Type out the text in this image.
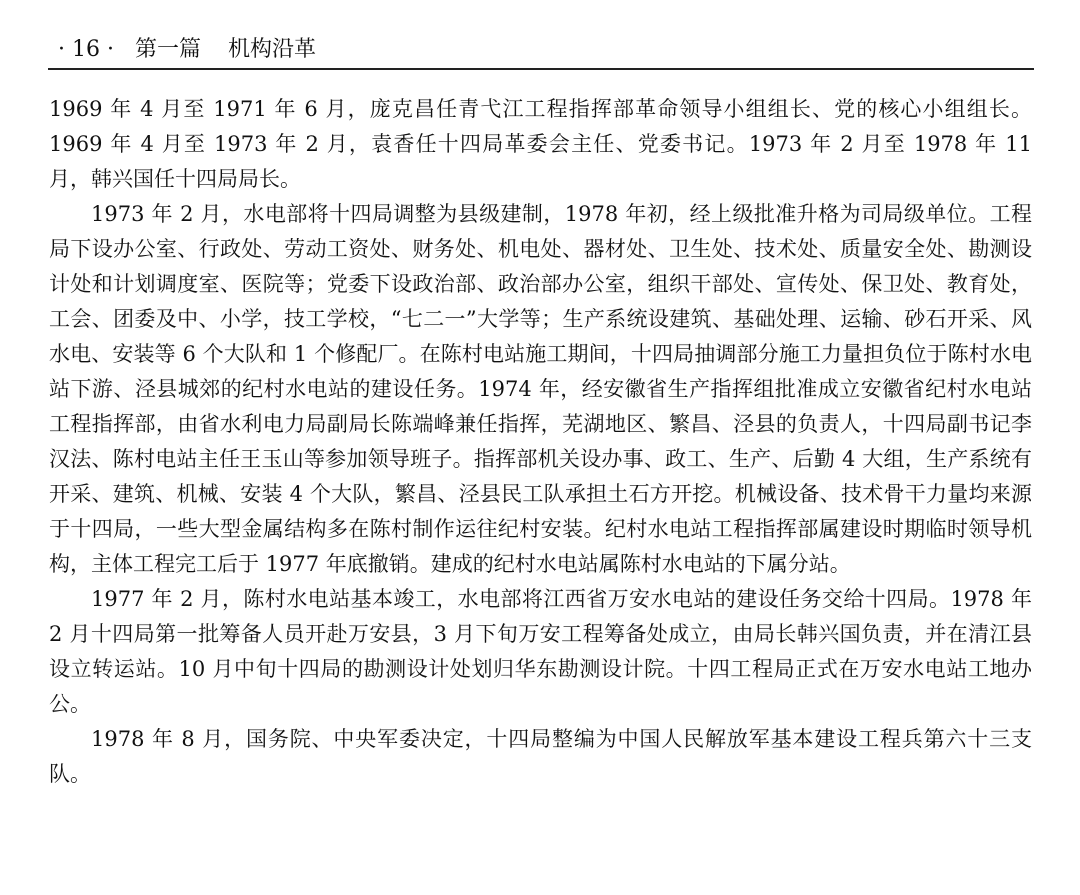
· 16 · 第一篇 机构沿革

1969 年 4 月至 1971 年 6 月，庞克昌任青弋江工程指挥部革命领导小组组长、党的核心小组组长。1969 年 4 月至 1973 年 2 月，袁香任十四局革委会主任、党委书记。1973 年 2 月至 1978 年 11 月，韩兴国任十四局局长。

1973 年 2 月，水电部将十四局调整为县级建制，1978 年初，经上级批准升格为司局级单位。工程局下设办公室、行政处、劳动工资处、财务处、机电处、器材处、卫生处、技术处、质量安全处、勘测设计处和计划调度室、医院等；党委下设政治部、政治部办公室，组织干部处、宣传处、保卫处、教育处，工会、团委及中、小学，技工学校，“七二一”大学等；生产系统设建筑、基础处理、运输、砂石开采、风水电、安装等 6 个大队和 1 个修配厂。在陈村电站施工期间，十四局抽调部分施工力量担负位于陈村水电站下游、泾县城郊的纪村水电站的建设任务。1974 年，经安徽省生产指挥组批准成立安徽省纪村水电站工程指挥部，由省水利电力局副局长陈端峰兼任指挥，芜湖地区、繁昌、泾县的负责人，十四局副书记李汉法、陈村电站主任王玉山等参加领导班子。指挥部机关设办事、政工、生产、后勤 4 大组，生产系统有开采、建筑、机械、安装 4 个大队，繁昌、泾县民工队承担土石方开挖。机械设备、技术骨干力量均来源于十四局，一些大型金属结构多在陈村制作运往纪村安装。纪村水电站工程指挥部属建设时期临时领导机构，主体工程完工后于 1977 年底撤销。建成的纪村水电站属陈村水电站的下属分站。

1977 年 2 月，陈村水电站基本竣工，水电部将江西省万安水电站的建设任务交给十四局。1978 年 2 月十四局第一批筹备人员开赴万安县，3 月下旬万安工程筹备处成立，由局长韩兴国负责，并在清江县设立转运站。10 月中旬十四局的勘测设计处划归华东勘测设计院。十四工程局正式在万安水电站工地办公。

1978 年 8 月，国务院、中央军委决定，十四局整编为中国人民解放军基本建设工程兵第六十三支队。
